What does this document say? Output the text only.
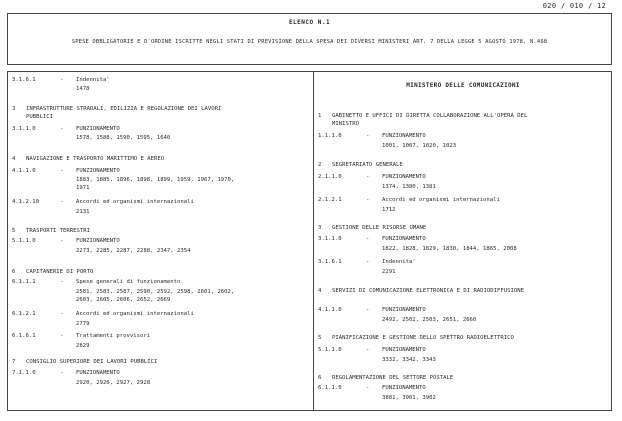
020 / 010 / 12
ELENCO N.1
SPESE OBBLIGATORIE E D'ORDINE ISCRITTE NEGLI STATI DI PREVISIONE DELLA SPESA DEI DIVERSI MINISTERI ART. 7 DELLA LEGGE 5 AGOSTO 1978, N.468
3.1.6.1	- Indennita'
1478
3 INFRASTRUTTURE STRADALI, EDILIZIA E REGOLAZIONE DEI LAVORI
PUBBLICI
3.1.1.0	- FUNZIONAMENTO
1578, 1588, 1590, 1595, 1640
4 NAVIGAZIONE E TRASPORTO MARITTIMO E AEREO
4.1.1.0	- FUNZIONAMENTO
1883, 1885, 1896, 1898, 1899, 1959, 1967, 1970,
1971
4.1.2.10	- Accordi ed organismi internazionali
2131
5 TRASPORTI TERRESTRI
5.1.1.0	- FUNZIONAMENTO
2273, 2285, 2287, 2288, 2347, 2354
6 CAPITANERIE DI PORTO
6.1.1.1	- Spese generali di funzionamento
2581, 2583, 2587, 2590, 2592, 2598, 2601, 2602,
2603, 2605, 2606, 2652, 2669
6.1.2.1	- Accordi ed organismi internazionali
2779
6.1.6.1	- Trattamenti provvisori
2829
7 CONSIGLIO SUPERIORE DEI LAVORI PUBBLICI
7.1.1.0	- FUNZIONAMENTO
2920, 2926, 2927, 2928
MINISTERO DELLE COMUNICAZIONI
1 GABINETTO E UFFICI DI DIRETTA COLLABORAZIONE ALL'OPERA DEL
MINISTRO
1.1.1.0	- FUNZIONAMENTO
1001, 1007, 1020, 1023
2 SEGRETARIATO GENERALE
2.1.1.0	- FUNZIONAMENTO
1374, 1380, 1381
2.1.2.1	- Accordi ed organismi internazionali
1712
3 GESTIONE DELLE RISORSE UMANE
3.1.1.0	- FUNZIONAMENTO
1822, 1828, 1829, 1830, 1844, 1865, 2008
3.1.6.1	- Indennita'
2291
4 SERVIZI DI COMUNICAZIONE ELETTRONICA E DI RADIODIFFUSIONE
4.1.1.0	- FUNZIONAMENTO
2492, 2502, 2503, 2651, 2660
5 PIANIFICAZIONE E GESTIONE DELLO SPETTRO RADIOELETTRICO
5.1.1.0	- FUNZIONAMENTO
3332, 3342, 3343
6 REGOLAMENTAZIONE DEL SETTORE POSTALE
6.1.1.0	- FUNZIONAMENTO
3881, 3901, 3902
